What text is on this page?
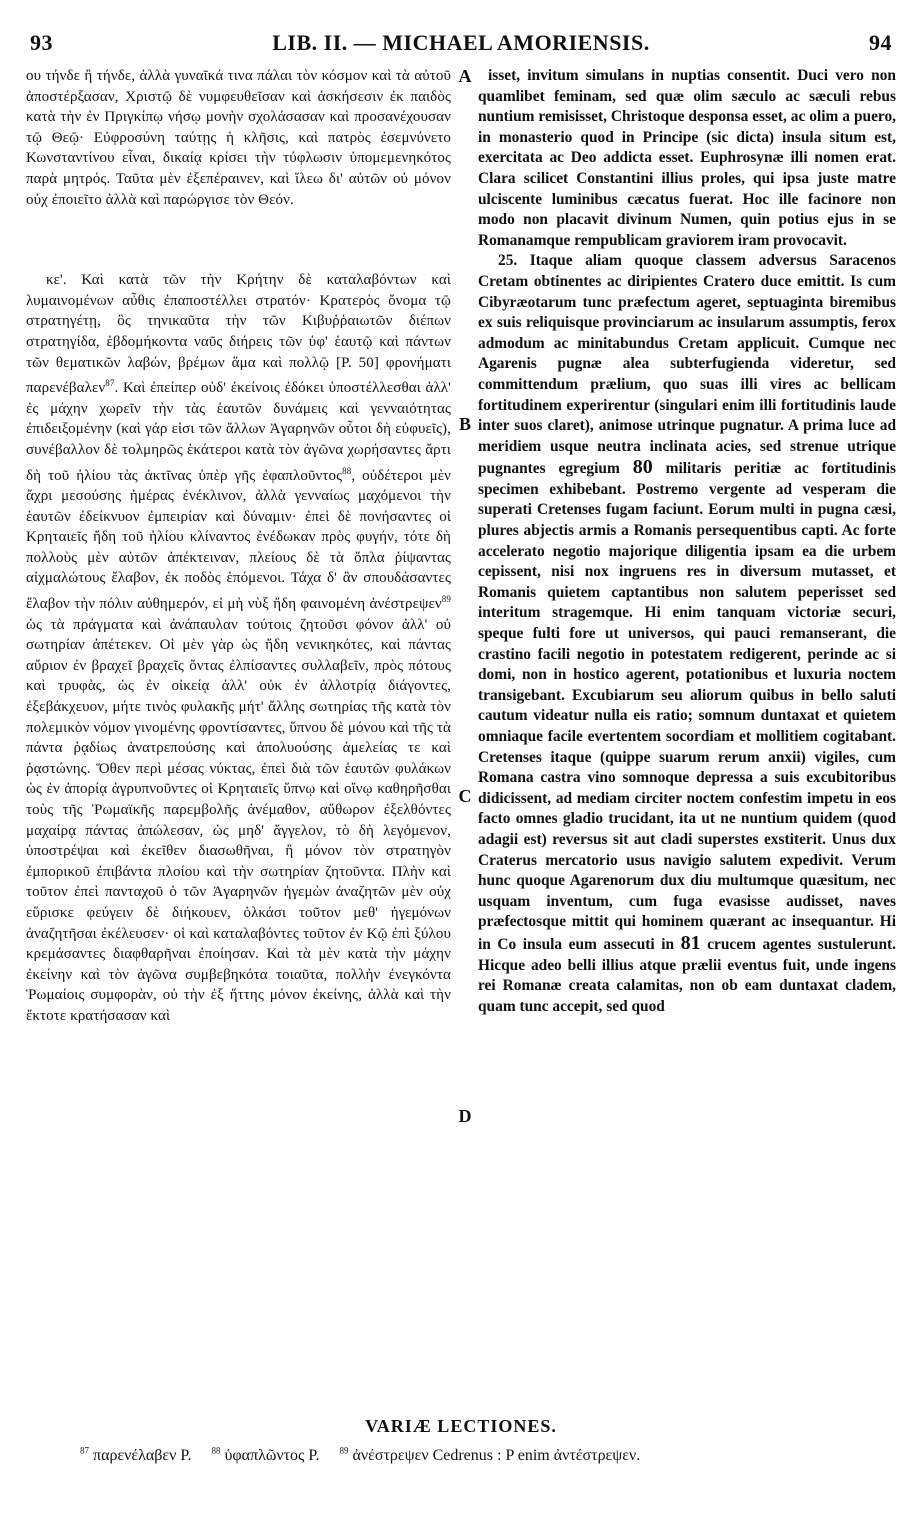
93	LIB. II. — MICHAEL AMORIENSIS.	94

ου τήνδε ἢ τήνδε, ἀλλὰ γυναῖκά τινα πάλαι τὸν κόσμον καὶ τὰ αὐτοῦ ἀποστέρξασαν, Χριστῷ δὲ νυμφευθεῖσαν καὶ ἀσκήσεσιν ἐκ παιδὸς κατὰ τὴν ἐν Πριγκίπῳ νήσῳ μονὴν σχολάσασαν καὶ προσανέχουσαν τῷ Θεῷ· Εὐφροσύνη ταύτῃς ἡ κλῆσις, καὶ πατρὸς ἐσεμνύνετο Κωνσταντίνου εἶναι, δικαίᾳ κρίσει τὴν τύφλωσιν ὑπομεμενηκότος παρὰ μητρός. Ταῦτα μὲν ἐξεπέραινεν, καὶ ἵλεω δι' αὐτῶν οὐ μόνον οὐχ ἐποιεῖτο ἀλλὰ καὶ παρώργισε τὸν Θεόν.

κε'. Καὶ κατὰ τῶν τὴν Κρήτην δὲ καταλαβόντων καὶ λυμαινομένων αὖθις ἐπαποστέλλει στρατόν· Κρατερὸς ὄνομα τῷ στρατηγέτῃ, ὃς τηνικαῦτα τὴν τῶν Κιβυῤῥαιωτῶν διέπων στρατηγίδα, ἑβδομήκοντα ναῦς διήρεις τῶν ὑφ' ἑαυτῷ καὶ πάντων τῶν θεματικῶν λαβών, βρέμων ἅμα καὶ πολλῷ [P. 50] φρονήματι παρενέβαλεν$^{87}$. Καὶ ἐπείπερ οὐδ' ἐκείνοις ἐδόκει ὑποστέλλεσθαι ἀλλ' ἐς μάχην χωρεῖν τὴν τὰς ἑαυτῶν δυνάμεις καὶ γενναιότητας ἐπιδειξομένην (καὶ γάρ εἰσι τῶν ἄλλων Ἀγαρηνῶν οὗτοι δὴ εὐφυεῖς), συνέβαλλον δὲ τολμηρῶς ἑκάτεροι κατὰ τὸν ἀγῶνα χωρήσαντες ἄρτι δὴ τοῦ ἡλίου τὰς ἀκτῖνας ὑπὲρ γῆς ἐφαπλοῦντος$^{88}$, οὐδέτεροι μὲν ἄχρι μεσούσης ἡμέρας ἐνέκλινον, ἀλλὰ γενναίως μαχόμενοι τὴν ἑαυτῶν ἐδείκνυον ἐμπειρίαν καὶ δύναμιν· ἐπεὶ δὲ πονήσαντες οἱ Κρηταιεῖς ἤδη τοῦ ἡλίου κλίναντος ἐνέδωκαν πρὸς φυγήν, τότε δὴ πολλοὺς μὲν αὐτῶν ἀπέκτειναν, πλείους δὲ τὰ ὅπλα ῥίψαντας αἰχμαλώτους ἔλαβον, ἐκ ποδὸς ἑπόμενοι. Τάχα δ' ἂν σπουδάσαντες ἔλαβον τὴν πόλιν αὐθημερόν, εἰ μὴ νὺξ ἤδη φαινομένη ἀνέστρεψεν$^{89}$ ὡς τὰ πράγματα καὶ ἀνάπαυλαν τούτοις ζητοῦσι φόνον ἀλλ' οὐ σωτηρίαν ἀπέτεκεν. Οἱ μὲν γὰρ ὡς ἤδη νενικηκότες, καὶ πάντας αὔριον ἐν βραχεῖ βραχεῖς ὄντας ἐλπίσαντες συλλαβεῖν, πρὸς πότους καὶ τρυφὰς, ὡς ἐν οἰκείᾳ ἀλλ' οὐκ ἐν ἀλλοτρίᾳ διάγοντες, ἐξεβάκχευον, μήτε τινὸς φυλακῆς μήτ' ἄλλης σωτηρίας τῆς κατὰ τὸν πολεμικὸν νόμον γινομένης φροντίσαντες, ὕπνου δὲ μόνου καὶ τῆς τὰ πάντα ῥᾳδίως ἀνατρεπούσης καὶ ἀπολυούσης ἀμελείας τε καὶ ῥᾳστώνης. Ὅθεν περὶ μέσας νύκτας, ἐπεὶ διὰ τῶν ἑαυτῶν φυλάκων ὡς ἐν ἀπορίᾳ ἀγρυπνοῦντες οἱ Κρηταιεῖς ὕπνῳ καὶ οἴνῳ καθηρῆσθαι τοὺς τῆς Ῥωμαϊκῆς παρεμβολῆς ἀνέμαθον, αὔθωρον ἐξελθόντες μαχαίρᾳ πάντας ἀπώλεσαν, ὡς μηδ' ἄγγελον, τὸ δὴ λεγόμενον, ὑποστρέψαι καὶ ἐκεῖθεν διασωθῆναι, ἢ μόνον τὸν στρατηγὸν ἐμπορικοῦ ἐπιβάντα πλοίου καὶ τὴν σωτηρίαν ζητοῦντα. Πλὴν καὶ τοῦτον ἐπεὶ πανταχοῦ ὁ τῶν Ἀγαρηνῶν ἡγεμὼν ἀναζητῶν μὲν οὐχ εὕρισκε φεύγειν δὲ διήκουεν, ὁλκάσι τοῦτον μεθ' ἡγεμόνων ἀναζητῆσαι ἐκέλευσεν· οἱ καὶ καταλαβόντες τοῦτον ἐν Κῷ ἐπὶ ξύλου κρεμάσαντες διαφθαρῆναι ἐποίησαν. Καὶ τὰ μὲν κατὰ τὴν μάχην ἐκείνην καὶ τὸν ἀγῶνα συμβεβηκότα τοιαῦτα, πολλὴν ἐνεγκόντα Ῥωμαίοις συμφορὰν, οὐ τὴν ἐξ ἥττης μόνον ἐκείνης, ἀλλὰ καὶ τὴν ἔκτοτε κρατήσασαν καὶ

A
B
C
D

isset, invitum simulans in nuptias consentit. Duci vero non quamlibet feminam, sed quæ olim sæculo ac sæculi rebus nuntium remisisset, Christoque desponsa esset, ac olim a puero, in monasterio quod in Principe (sic dicta) insula situm est, exercitata ac Deo addicta esset. Euphrosynæ illi nomen erat. Clara scilicet Constantini illius proles, qui ipsa juste matre ulciscente luminibus cæcatus fuerat. Hoc ille facinore non modo non placavit divinum Numen, quin potius ejus in se Romanamque rempublicam graviorem iram provocavit.

25. Itaque aliam quoque classem adversus Saracenos Cretam obtinentes ac diripientes Cratero duce emittit. Is cum Cibyræotarum tunc præfectum ageret, septuaginta biremibus ex suis reliquisque provinciarum ac insularum assumptis, ferox admodum ac minitabundus Cretam applicuit. Cumque nec Agarenis pugnæ alea subterfugienda videretur, sed committendum prælium, quo suas illi vires ac bellicam fortitudinem experirentur (singulari enim illi fortitudinis laude inter suos claret), animose utrinque pugnatur. A prima luce ad meridiem usque neutra inclinata acies, sed strenue utrique pugnantes egregium 80 militaris peritiæ ac fortitudinis specimen exhibebant. Postremo vergente ad vesperam die superati Cretenses fugam faciunt. Eorum multi in pugna cæsi, plures abjectis armis a Romanis persequentibus capti. Ac forte accelerato negotio majorique diligentia ipsam ea die urbem cepissent, nisi nox ingruens res in diversum mutasset, et Romanis quietem captantibus non salutem peperisset sed interitum stragemque. Hi enim tanquam victoriæ securi, speque fulti fore ut universos, qui pauci remanserant, die crastino facili negotio in potestatem redigerent, perinde ac si domi, non in hostico agerent, potationibus et luxuria noctem transigebant. Excubiarum seu aliorum quibus in bello saluti cautum videatur nulla eis ratio; somnum duntaxat et quietem omniaque facile evertentem socordiam et mollitiem cogitabant. Cretenses itaque (quippe suarum rerum anxii) vigiles, cum Romana castra vino somnoque depressa a suis excubitoribus didicissent, ad mediam circiter noctem confestim impetu in eos facto omnes gladio trucidant, ita ut ne nuntium quidem (quod adagii est) reversus sit aut cladi superstes exstiterit. Unus dux Craterus mercatorio usus navigio salutem expedivit. Verum hunc quoque Agarenorum dux diu multumque quæsitum, nec usquam inventum, cum fuga evasisse audisset, naves præfectosque mittit qui hominem quærant ac insequantur. Hi in Co insula eum assecuti in 81 crucem agentes sustulerunt. Hicque adeo belli illius atque prælii eventus fuit, unde ingens rei Romanæ creata calamitas, non ob eam duntaxat cladem, quam tunc accepit, sed quod

VARIÆ LECTIONES.
$^{87}$ παρενέλαβεν P. $^{88}$ ὑφαπλῶντος P. $^{89}$ ἀνέστρεψεν Cedrenus : P enim ἀντέστρεψεν.
